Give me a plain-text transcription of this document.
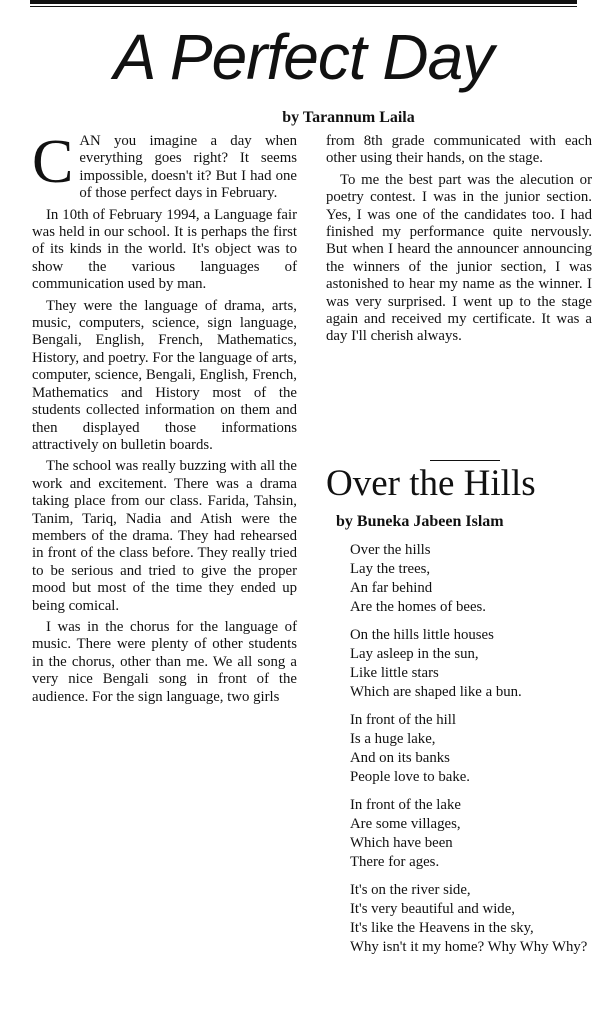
A Perfect Day
by Tarannum Laila

CAN you imagine a day when everything goes right? It seems impossible, doesn't it? But I had one of those perfect days in February.

In 10th of February 1994, a Language fair was held in our school. It is perhaps the first of its kinds in the world. It's object was to show the various languages of communication used by man.

They were the language of drama, arts, music, computers, science, sign language, Bengali, English, French, Mathematics, History, and poetry. For the language of arts, computer, science, Bengali, English, French, Mathematics and History most of the students collected information on them and then displayed those informations attractively on bulletin boards.

The school was really buzzing with all the work and excitement. There was a drama taking place from our class. Farida, Tahsin, Tanim, Tariq, Nadia and Atish were the members of the drama. They had rehearsed in front of the class before. They really tried to be serious and tried to give the proper mood but most of the time they ended up being comical.

I was in the chorus for the language of music. There were plenty of other students in the chorus, other than me. We all song a very nice Bengali song in front of the audience. For the sign language, two girls

from 8th grade communicated with each other using their hands, on the stage.

To me the best part was the alecution or poetry contest. I was in the junior section. Yes, I was one of the candidates too. I had finished my performance quite nervously. But when I heard the announcer announcing the winners of the junior section, I was astonished to hear my name as the winner. I was very surprised. I went up to the stage again and received my certificate. It was a day I'll cherish always.

Over the Hills
by Buneka Jabeen Islam
Over the hills
Lay the trees,
An far behind
Are the homes of bees.
On the hills little houses
Lay asleep in the sun,
Like little stars
Which are shaped like a bun.
In front of the hill
Is a huge lake,
And on its banks
People love to bake.
In front of the lake
Are some villages,
Which have been
There for ages.
It's on the river side,
It's very beautiful and wide,
It's like the Heavens in the sky,
Why isn't it my home? Why Why Why?
